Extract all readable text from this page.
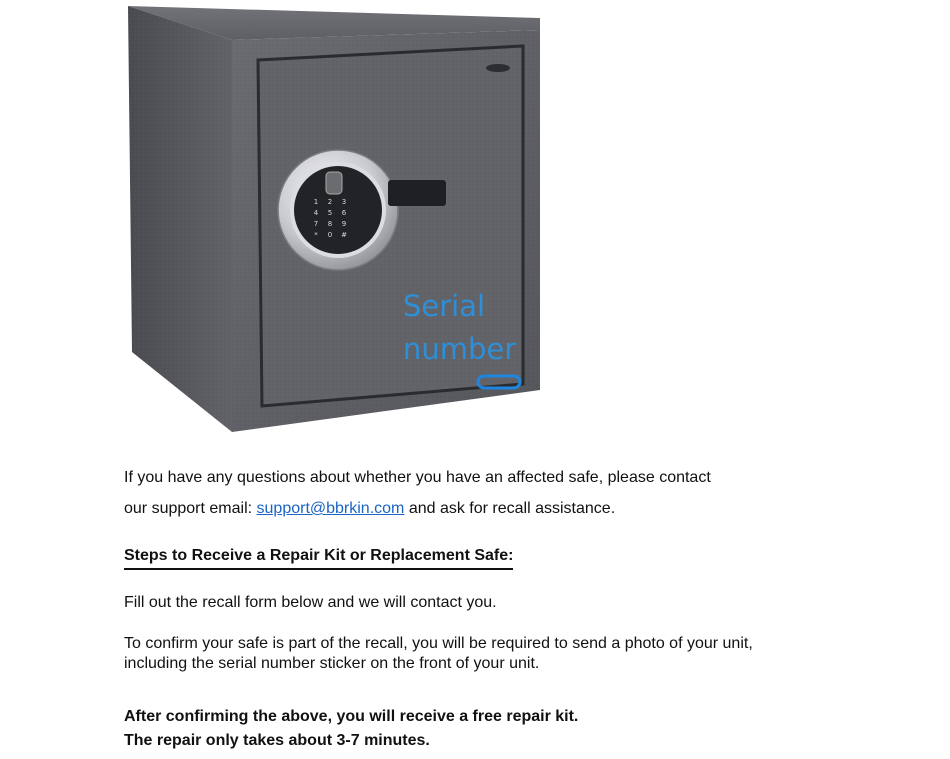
1 2 3
4 5 6
7 8 9
* 0 #
Serial
number

If you have any questions about whether you have an affected safe, please contact
our support email: support@bbrkin.com and ask for recall assistance.

Steps to Receive a Repair Kit or Replacement Safe:

Fill out the recall form below and we will contact you.

To confirm your safe is part of the recall, you will be required to send a photo of your unit, including the serial number sticker on the front of your unit.

After confirming the above, you will receive a free repair kit.
The repair only takes about 3-7 minutes.
